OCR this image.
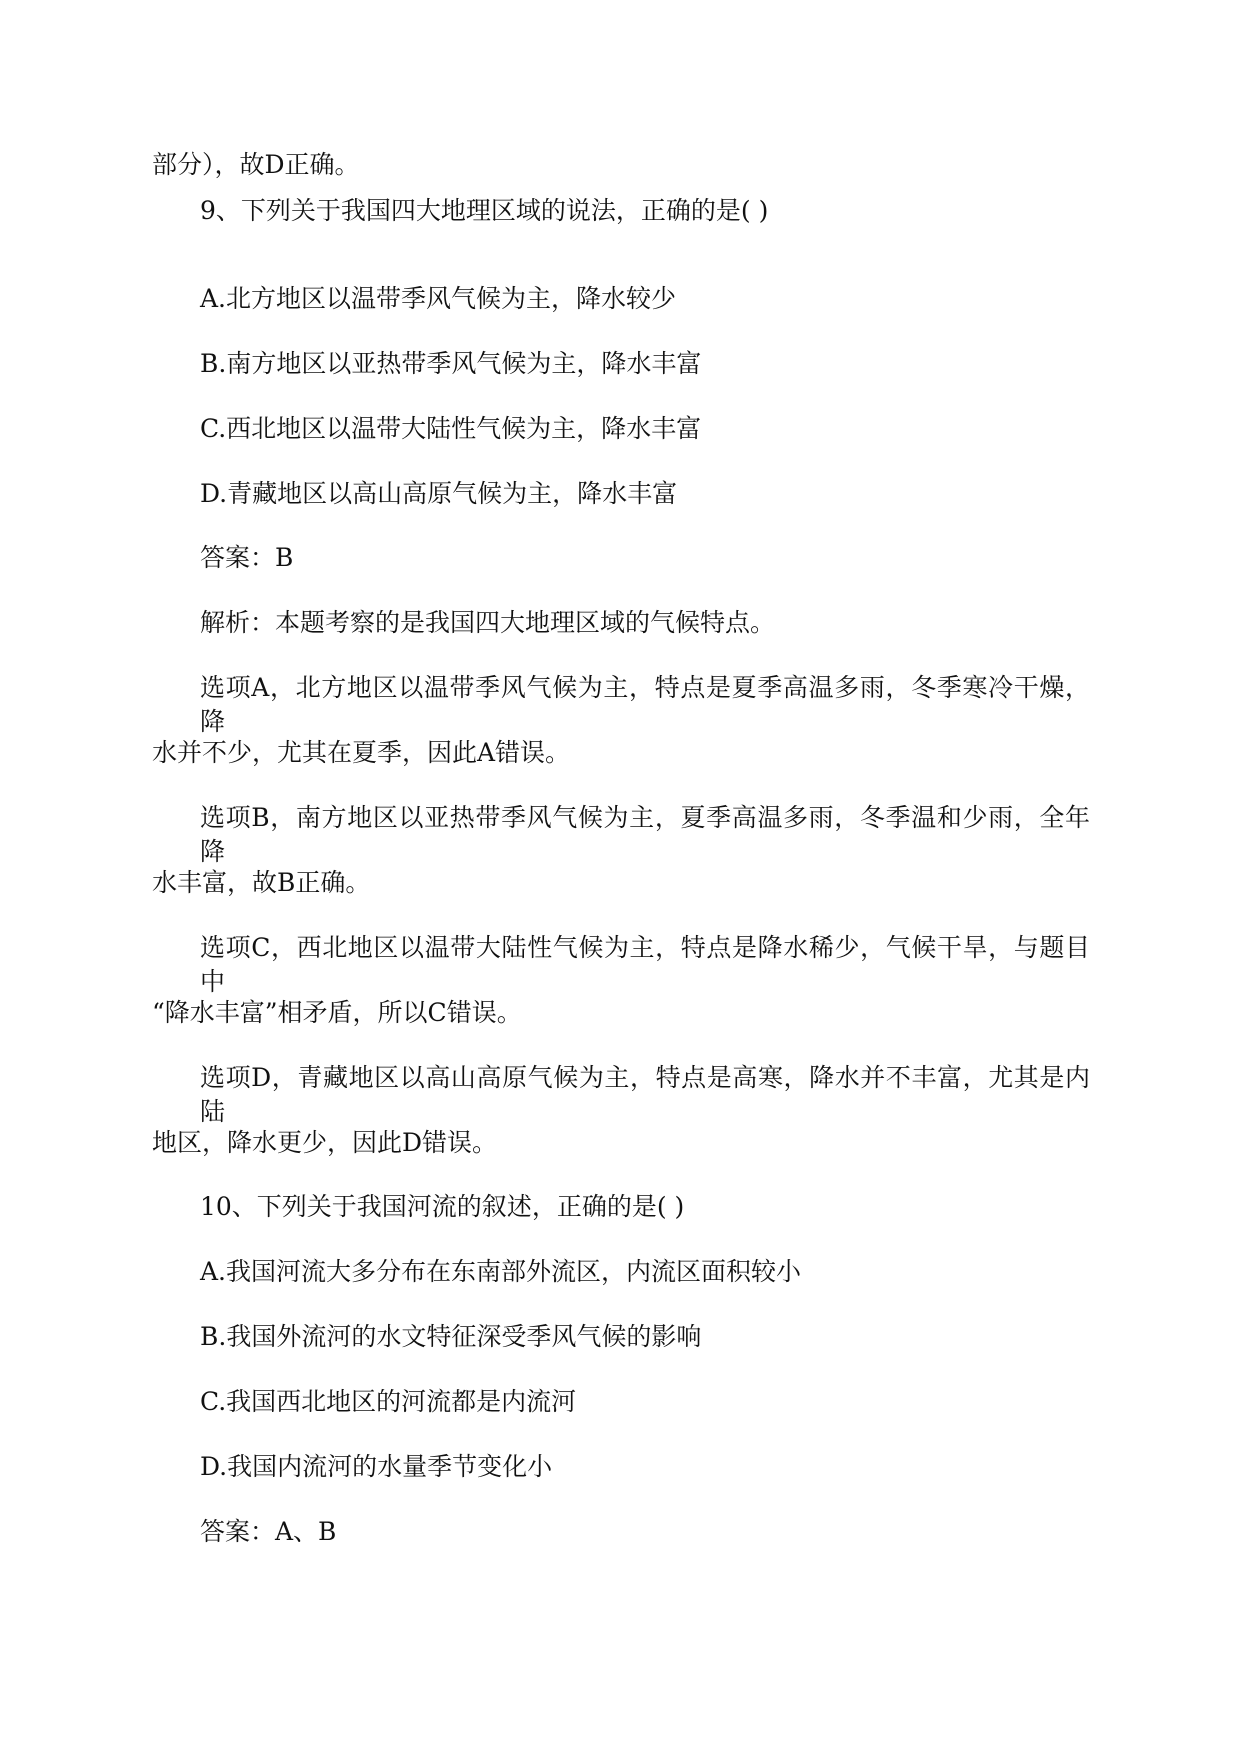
部分），故D正确。
9、下列关于我国四大地理区域的说法，正确的是( )
A.北方地区以温带季风气候为主，降水较少
B.南方地区以亚热带季风气候为主，降水丰富
C.西北地区以温带大陆性气候为主，降水丰富
D.青藏地区以高山高原气候为主，降水丰富
答案：B
解析：本题考察的是我国四大地理区域的气候特点。
选项A，北方地区以温带季风气候为主，特点是夏季高温多雨，冬季寒冷干燥，降
水并不少，尤其在夏季，因此A错误。
选项B，南方地区以亚热带季风气候为主，夏季高温多雨，冬季温和少雨，全年降
水丰富，故B正确。
选项C，西北地区以温带大陆性气候为主，特点是降水稀少，气候干旱，与题目中
“降水丰富”相矛盾，所以C错误。
选项D，青藏地区以高山高原气候为主，特点是高寒，降水并不丰富，尤其是内陆
地区，降水更少，因此D错误。
10、下列关于我国河流的叙述，正确的是( )
A.我国河流大多分布在东南部外流区，内流区面积较小
B.我国外流河的水文特征深受季风气候的影响
C.我国西北地区的河流都是内流河
D.我国内流河的水量季节变化小
答案：A、B
